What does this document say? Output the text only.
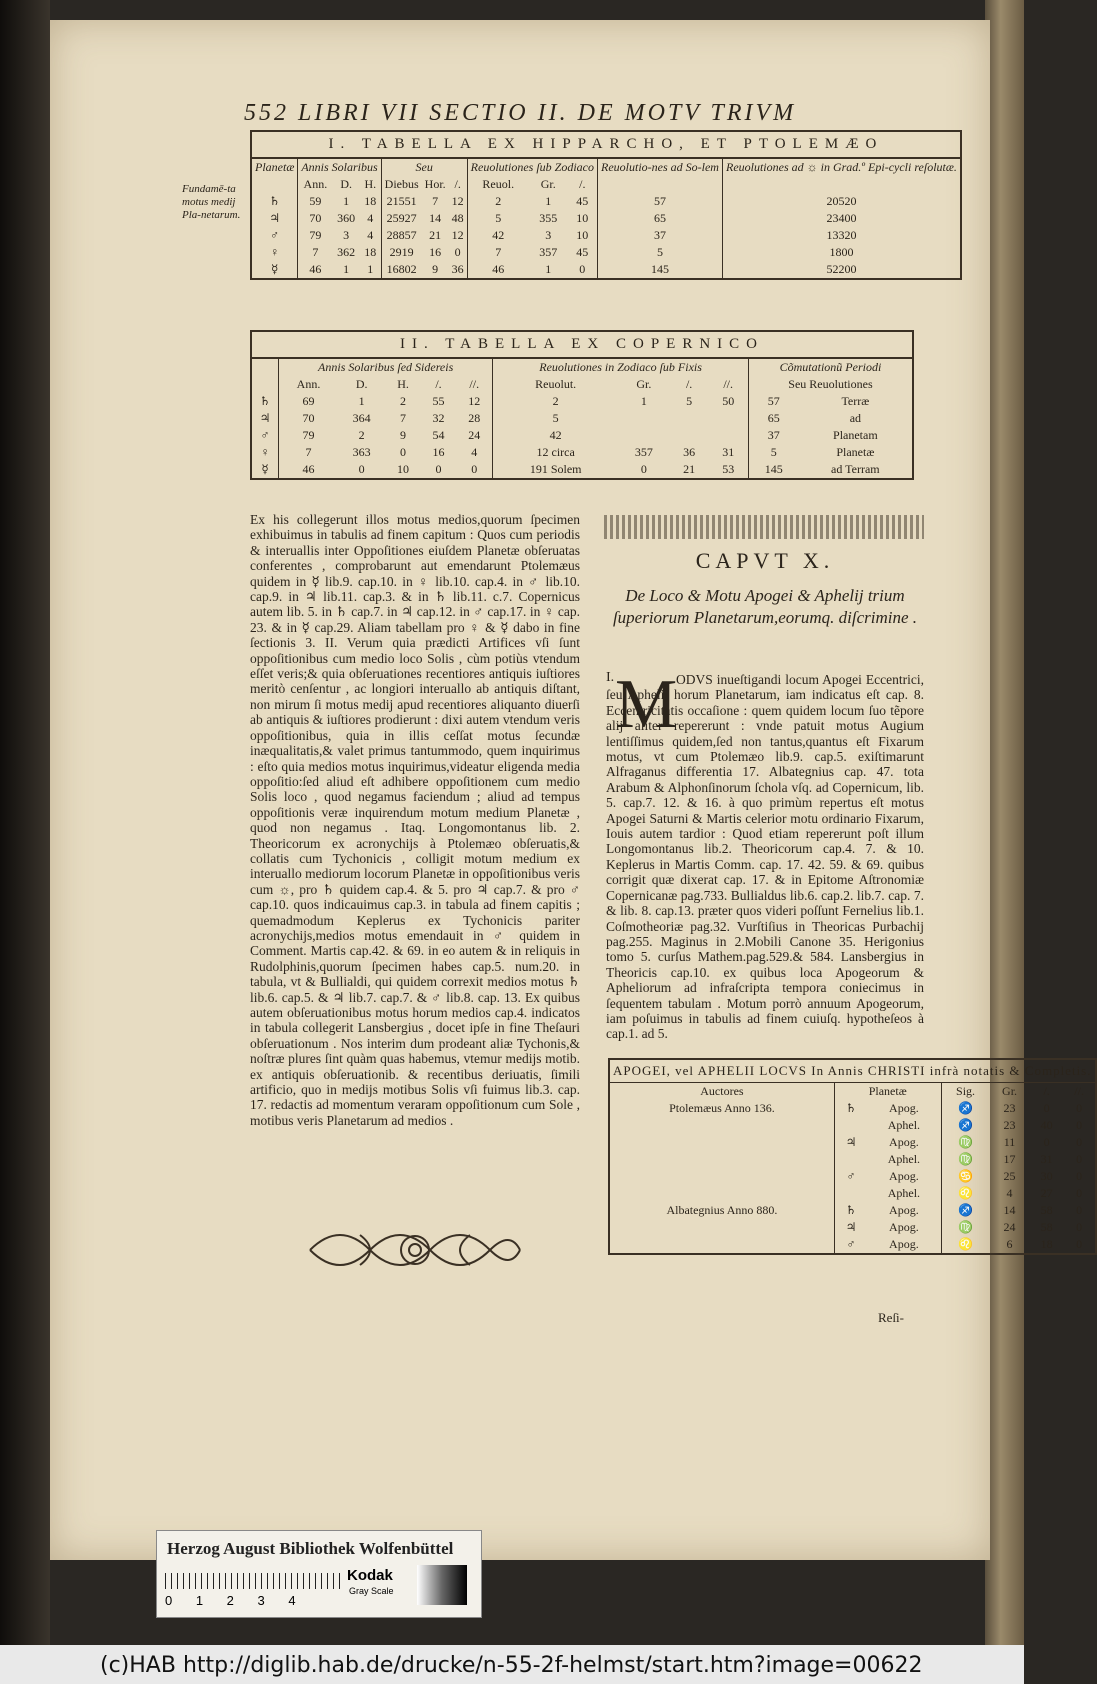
552 LIBRI VII SECTIO II. DE MOTV TRIVM
Fundamē-ta motus medij Pla-netarum.
I. TABELLA EX HIPPARCHO, ET PTOLEMÆO											
Planetæ	Annis Solaribus			Seu			Reuolutiones ſub Zodiaco			Reuolutio-nes ad So-lem	Reuolutiones ad ☼ in Grad.º Epi-cycli reſolutæ.
	Ann.	D.	H.	Diebus	Hor.	/.	Reuol.	Gr.	/.		
♄	59	1	18	21551	7	12	2	1	45	57	20520
♃	70	360	4	25927	14	48	5	355	10	65	23400
♂	79	3	4	28857	21	12	42	3	10	37	13320
♀	7	362	18	2919	16	0	7	357	45	5	1800
☿	46	1	1	16802	9	36	46	1	0	145	52200
II. TABELLA EX COPERNICO											
	Annis Solaribus ſed Sidereis					Reuolutiones in Zodiaco ſub Fixis				Cõmutationũ Periodi	
	Ann.	D.	H.	/.	//.	Reuolut.	Gr.	/.	//.	Seu Reuolutiones	
♄	69	1	2	55	12	2	1	5	50	57	Terræ
♃	70	364	7	32	28	5				65	ad
♂	79	2	9	54	24	42				37	Planetam
♀	7	363	0	16	4	12 circa	357	36	31	5	Planetæ
☿	46	0	10	0	0	191 Solem	0	21	53	145	ad Terram
Ex his collegerunt illos motus medios,quorum ſpecimen exhibuimus in tabulis ad finem capitum : Quos cum periodis & interuallis inter Oppoſitiones eiuſdem Planetæ obſeruatas conferentes , comprobarunt aut emendarunt Ptolemæus quidem in ☿ lib.9. cap.10. in ♀ lib.10. cap.4. in ♂ lib.10. cap.9. in ♃ lib.11. cap.3. & in ♄ lib.11. c.7. Copernicus autem lib. 5. in ♄ cap.7. in ♃ cap.12. in ♂ cap.17. in ♀ cap. 23. & in ☿ cap.29. Aliam tabellam pro ♀ & ☿ dabo in fine ſectionis 3. II. Verum quia prædicti Artifices vſi ſunt oppoſitionibus cum medio loco Solis , cùm potiùs vtendum eſſet veris;& quia obſeruationes recentiores antiquis iuſtiores meritò cenſentur , ac longiori interuallo ab antiquis diſtant, non mirum ſi motus medij apud recentiores aliquanto diuerſi ab antiquis & iuſtiores prodierunt : dixi autem vtendum veris oppoſitionibus, quia in illis ceſſat motus ſecundæ inæqualitatis,& valet primus tantummodo, quem inquirimus : eſto quia medios motus inquirimus,videatur eligenda media oppoſitio:ſed aliud eſt adhibere oppoſitionem cum medio Solis loco , quod negamus faciendum ; aliud ad tempus oppoſitionis veræ inquirendum motum medium Planetæ , quod non negamus . Itaq. Longomontanus lib. 2. Theoricorum ex acronychijs à Ptolemæo obſeruatis,& collatis cum Tychonicis , colligit motum medium ex interuallo mediorum locorum Planetæ in oppoſitionibus veris cum ☼, pro ♄ quidem cap.4. & 5. pro ♃ cap.7. & pro ♂ cap.10. quos indicauimus cap.3. in tabula ad finem capitis ; quemadmodum Keplerus ex Tychonicis pariter acronychijs,medios motus emendauit in ♂ quidem in Comment. Martis cap.42. & 69. in eo autem & in reliquis in Rudolphinis,quorum ſpecimen habes cap.5. num.20. in tabula, vt & Bullialdi, qui quidem correxit medios motus ♄ lib.6. cap.5. & ♃ lib.7. cap.7. & ♂ lib.8. cap. 13. Ex quibus autem obſeruationibus motus horum medios cap.4. indicatos in tabula collegerit Lansbergius , docet ipſe in fine Theſauri obſeruationum . Nos interim dum prodeant aliæ Tychonis,& noſtræ plures ſint quàm quas habemus, vtemur medijs motib. ex antiquis obſeruationib. & recentibus deriuatis, ſimili artificio, quo in medijs motibus Solis vſi fuimus lib.3. cap. 17. redactis ad momentum veraram oppoſitionum cum Sole , motibus veris Planetarum ad medios .
CAPVT X.
De Loco & Motu Apogei & Aphelij trium ſuperiorum Planetarum,eorumq. diſcrimine .
I. M
ODVS inueſtigandi locum Apogei Eccentrici, ſeu Aphelij horum Planetarum, iam indicatus eſt cap. 8. Eccentricitatis occaſione : quem quidem locum ſuo tẽpore alij aliter repererunt : vnde patuit motus Augium lentiſſimus quidem,ſed non tantus,quantus eſt Fixarum motus, vt cum Ptolemæo lib.9. cap.5. exiſtimarunt Alfraganus differentia 17. Albategnius cap. 47. tota Arabum & Alphonſinorum ſchola vſq. ad Copernicum, lib. 5. cap.7. 12. & 16. à quo primùm repertus eſt motus Apogei Saturni & Martis celerior motu ordinario Fixarum, Iouis autem tardior : Quod etiam repererunt poſt illum Longomontanus lib.2. Theoricorum cap.4. 7. & 10. Keplerus in Martis Comm. cap. 17. 42. 59. & 69. quibus corrigit quæ dixerat cap. 17. & in Epitome Aſtronomiæ Copernicanæ pag.733. Bullialdus lib.6. cap.2. lib.7. cap. 7. & lib. 8. cap.13. præter quos videri poſſunt Fernelius lib.1. Coſmotheoriæ pag.32. Vurſtiſius in Theoricas Purbachij pag.255. Maginus in 2.Mobili Canone 35. Herigonius tomo 5. curſus Mathem.pag.529.& 584. Lansbergius in Theoricis cap.10. ex quibus loca Apogeorum & Apheliorum ad infraſcripta tempora coniecimus in ſequentem tabulam . Motum porrò annuum Apogeorum, iam poſuimus in tabulis ad finem cuiuſq. hypotheſeos à cap.1. ad 5.
APOGEI, vel APHELII LOCVS In Annis CHRISTI infrà notatis & Completis.						
Auctores	Planetæ		Sig.	Gr.	/.	//.
Ptolemæus Anno 136.	♄	Apog.	♐	23	0	0
		Aphel.	♐	23	40	0
	♃	Apog.	♍	11	0	0
		Aphel.	♍	17	31	0
	♂	Apog.	♋	25	30	0
		Aphel.	♌	4	27	0
Albategnius Anno 880.	♄	Apog.	♐	14	58	0
	♃	Apog.	♍	24	58	0
	♂	Apog.	♌	6	18	0
Reſi-
Herzog August Bibliothek Wolfenbüttel
0 1 2 3 4
Kodak
Gray Scale
(c)HAB http://diglib.hab.de/drucke/n-55-2f-helmst/start.htm?image=00622
